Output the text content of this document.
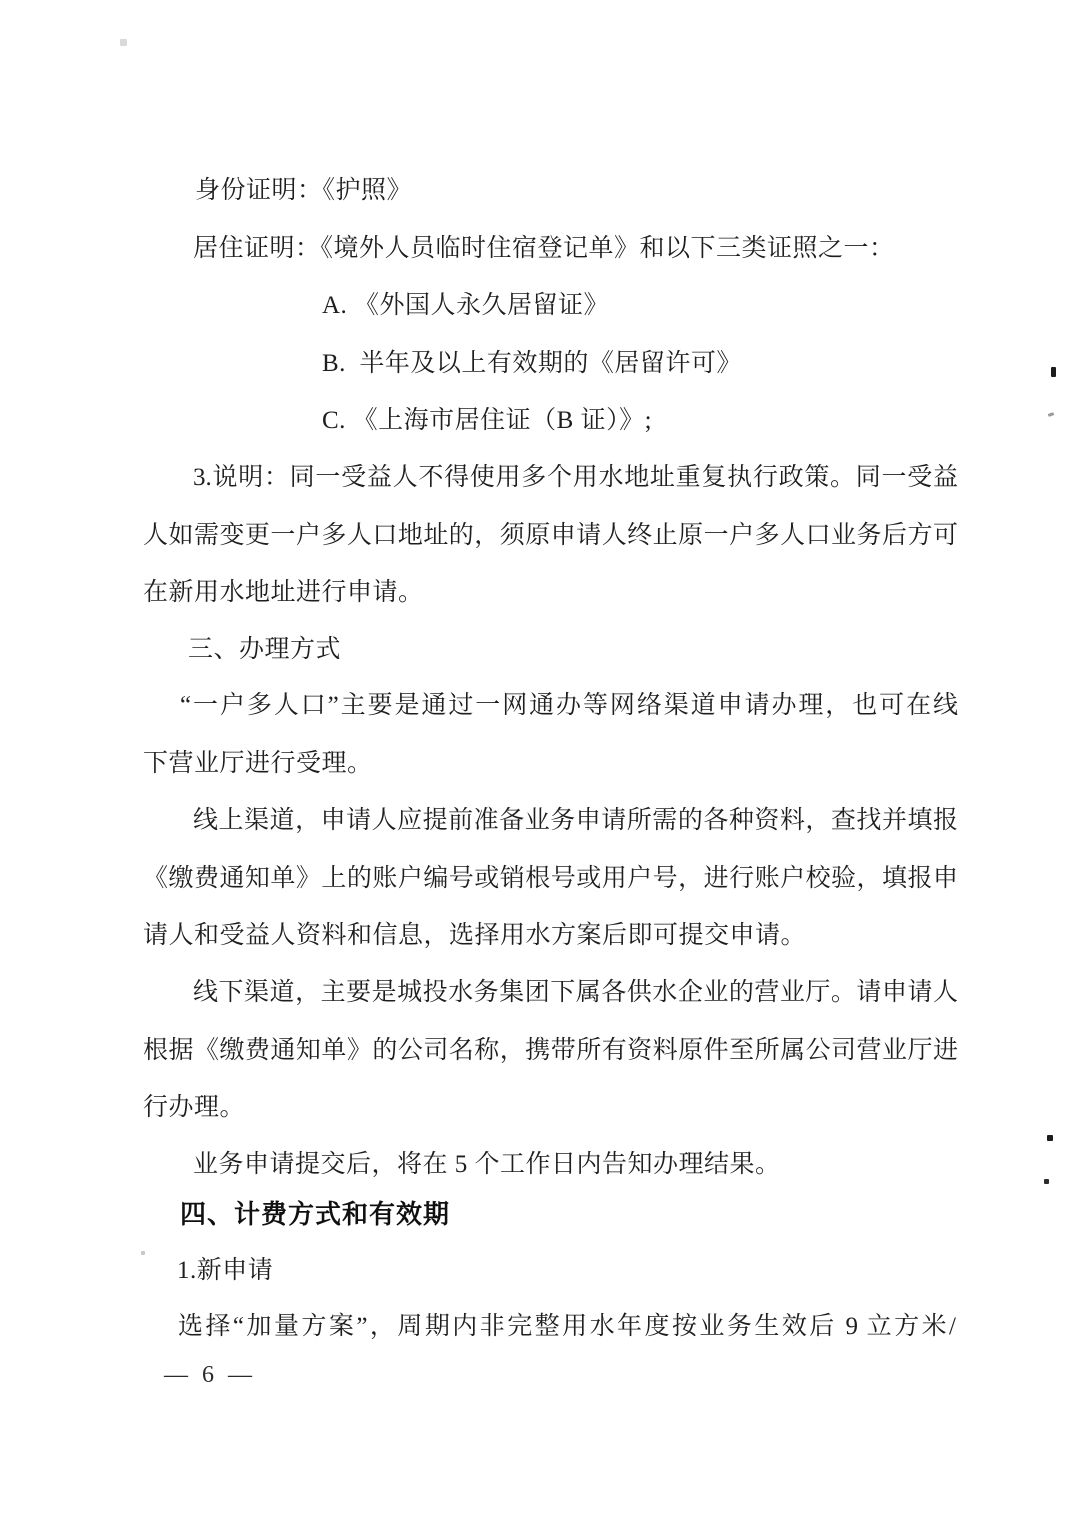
身份证明：《护照》
居住证明：《境外人员临时住宿登记单》和以下三类证照之一：
A. 《外国人永久居留证》
B.  半年及以上有效期的《居留许可》
C. 《上海市居住证（B 证）》;
3.说明：同一受益人不得使用多个用水地址重复执行政策。同一受益
人如需变更一户多人口地址的，须原申请人终止原一户多人口业务后方可
在新用水地址进行申请。
三、办理方式
“一户多人口”主要是通过一网通办等网络渠道申请办理，也可在线
下营业厅进行受理。
线上渠道，申请人应提前准备业务申请所需的各种资料，查找并填报
《缴费通知单》上的账户编号或销根号或用户号，进行账户校验，填报申
请人和受益人资料和信息，选择用水方案后即可提交申请。
线下渠道，主要是城投水务集团下属各供水企业的营业厅。请申请人
根据《缴费通知单》的公司名称，携带所有资料原件至所属公司营业厅进
行办理。
业务申请提交后，将在 5 个工作日内告知办理结果。
四、计费方式和有效期
1.新申请
选择“加量方案”，周期内非完整用水年度按业务生效后 9 立方米/
— 6 —
